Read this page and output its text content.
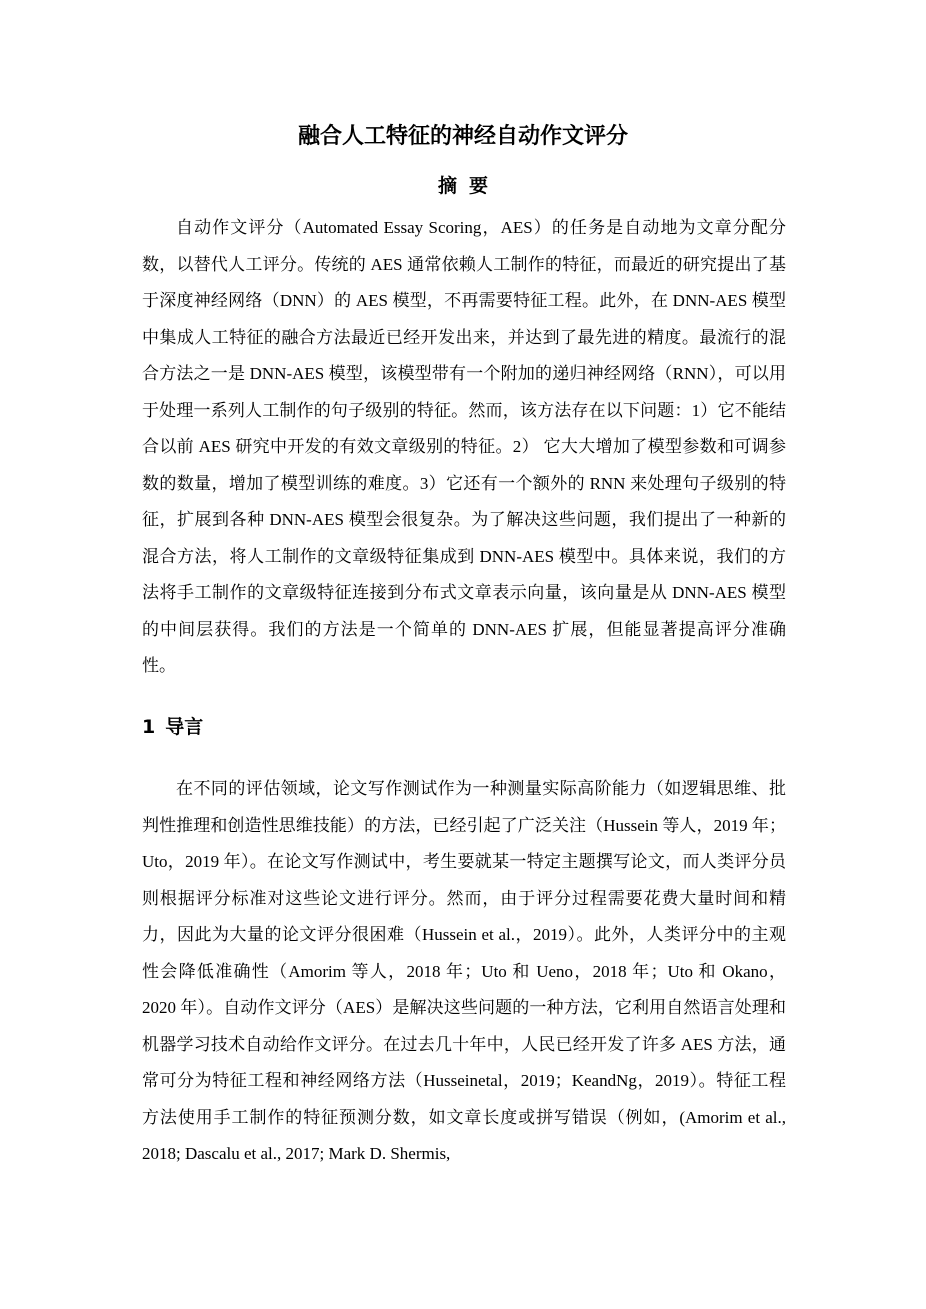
融合人工特征的神经自动作文评分
摘要

自动作文评分（Automated Essay Scoring，AES）的任务是自动地为文章分配分数，以替代人工评分。传统的 AES 通常依赖人工制作的特征，而最近的研究提出了基于深度神经网络（DNN）的 AES 模型，不再需要特征工程。此外，在 DNN-AES 模型中集成人工特征的融合方法最近已经开发出来，并达到了最先进的精度。最流行的混合方法之一是 DNN-AES 模型，该模型带有一个附加的递归神经网络（RNN），可以用于处理一系列人工制作的句子级别的特征。然而，该方法存在以下问题：1）它不能结合以前 AES 研究中开发的有效文章级别的特征。2） 它大大增加了模型参数和可调参数的数量，增加了模型训练的难度。3）它还有一个额外的 RNN 来处理句子级别的特征，扩展到各种 DNN-AES 模型会很复杂。为了解决这些问题，我们提出了一种新的混合方法，将人工制作的文章级特征集成到 DNN-AES 模型中。具体来说，我们的方法将手工制作的文章级特征连接到分布式文章表示向量，该向量是从 DNN-AES 模型的中间层获得。我们的方法是一个简单的 DNN-AES 扩展，但能显著提高评分准确性。

1 导言

在不同的评估领域，论文写作测试作为一种测量实际高阶能力（如逻辑思维、批判性推理和创造性思维技能）的方法，已经引起了广泛关注（Hussein 等人，2019 年；Uto，2019 年）。在论文写作测试中，考生要就某一特定主题撰写论文，而人类评分员则根据评分标准对这些论文进行评分。然而，由于评分过程需要花费大量时间和精力，因此为大量的论文评分很困难（Hussein et al.，2019）。此外，人类评分中的主观性会降低准确性（Amorim 等人，2018 年；Uto 和 Ueno，2018 年；Uto 和 Okano，2020 年）。自动作文评分（AES）是解决这些问题的一种方法，它利用自然语言处理和机器学习技术自动给作文评分。在过去几十年中，人民已经开发了许多 AES 方法，通常可分为特征工程和神经网络方法（Husseinetal，2019；KeandNg，2019）。特征工程方法使用手工制作的特征预测分数，如文章长度或拼写错误（例如，(Amorim et al., 2018; Dascalu et al., 2017; Mark D. Shermis,
